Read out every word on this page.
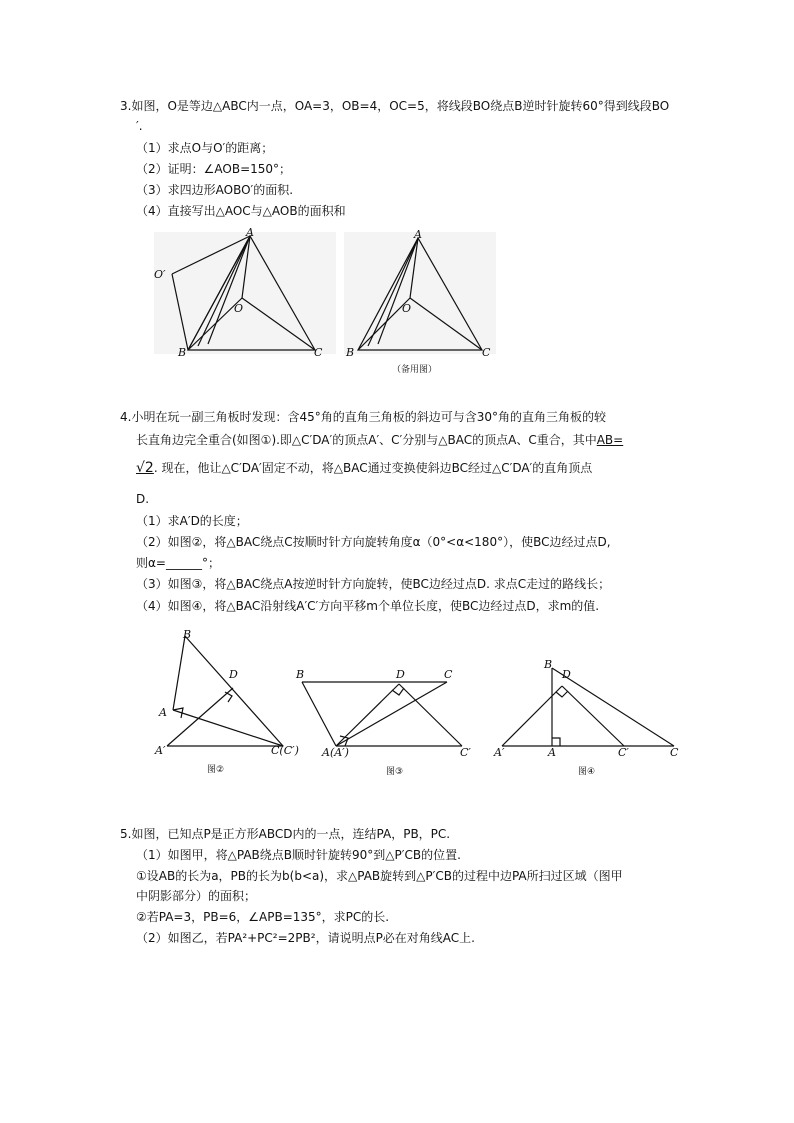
3.如图，O是等边△ABC内一点，OA=3，OB=4，OC=5，将线段BO绕点B逆时针旋转60°得到线段BO
′.
（1）求点O与O′的距离；
（2）证明：∠AOB=150°；
（3）求四边形AOBO′的面积.
（4）直接写出△AOC与△AOB的面积和
A
B	C
O
O′
A
B	C
O
（备用图）
4.小明在玩一副三角板时发现：含45°角的直角三角板的斜边可与含30°角的直角三角板的较
长直角边完全重合(如图①).即△C′DA′的顶点A′、C′分别与△BAC的顶点A、C重合，其中AB=
√2. 现在，他让△C′DA′固定不动，将△BAC通过变换使斜边BC经过△C′DA′的直角顶点
D.
（1）求A′D的长度；
（2）如图②，将△BAC绕点C按顺时针方向旋转角度α（0°<α<180°），使BC边经过点D,
则α=______°；
（3）如图③，将△BAC绕点A按逆时针方向旋转，使BC边经过点D. 求点C走过的路线长；
（4）如图④，将△BAC沿射线A′C′方向平移m个单位长度，使BC边经过点D，求m的值.
B
D
A
A′	C(C′)
图②
B	D	C
A(A′)	C′
图③
B
D
A′	A	C′	C
图④
5.如图，已知点P是正方形ABCD内的一点，连结PA，PB，PC.
（1）如图甲，将△PAB绕点B顺时针旋转90°到△P′CB的位置.
①设AB的长为a，PB的长为b(b<a)，求△PAB旋转到△P′CB的过程中边PA所扫过区域（图甲
中阴影部分）的面积；
②若PA=3，PB=6，∠APB=135°，求PC的长.
（2）如图乙，若PA²+PC²=2PB²，请说明点P必在对角线AC上.
